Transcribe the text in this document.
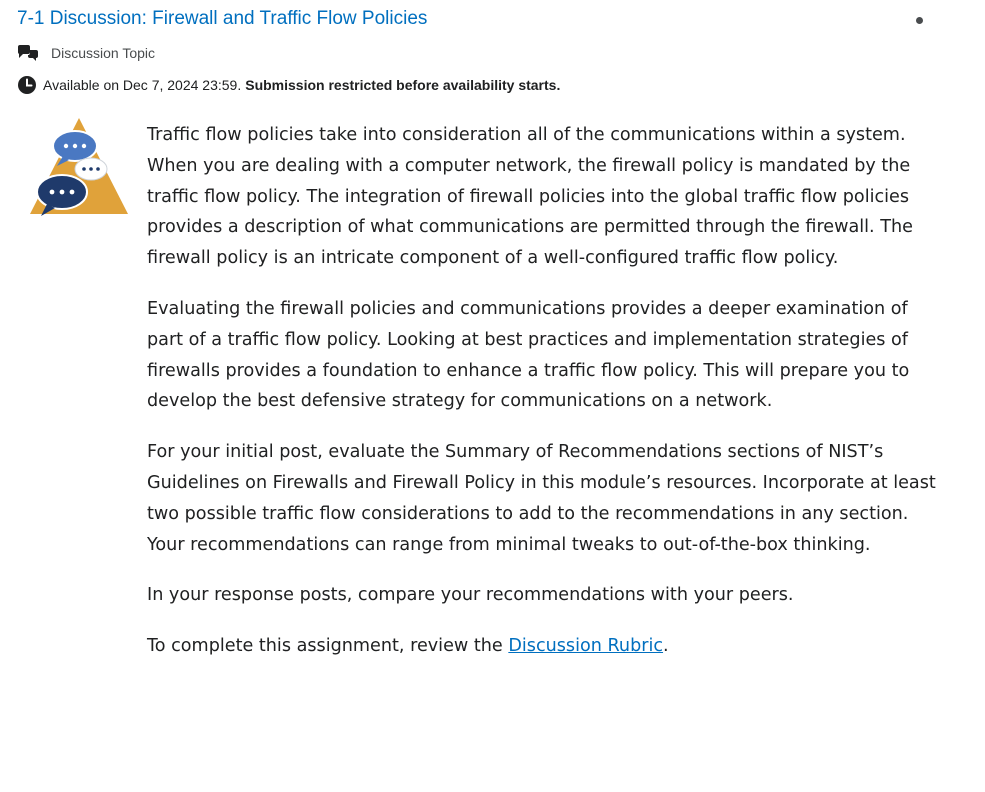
7-1 Discussion: Firewall and Traffic Flow Policies
Discussion Topic
Available on Dec 7, 2024 23:59. Submission restricted before availability starts.

Traffic flow policies take into consideration all of the communications within a system. When you are dealing with a computer network, the firewall policy is mandated by the traffic flow policy. The integration of firewall policies into the global traffic flow policies provides a description of what communications are permitted through the firewall. The firewall policy is an intricate component of a well-configured traffic flow policy.

Evaluating the firewall policies and communications provides a deeper examination of part of a traffic flow policy. Looking at best practices and implementation strategies of firewalls provides a foundation to enhance a traffic flow policy. This will prepare you to develop the best defensive strategy for communications on a network.

For your initial post, evaluate the Summary of Recommendations sections of NIST’s Guidelines on Firewalls and Firewall Policy in this module’s resources. Incorporate at least two possible traffic flow considerations to add to the recommendations in any section. Your recommendations can range from minimal tweaks to out-of-the-box thinking.

In your response posts, compare your recommendations with your peers.

To complete this assignment, review the Discussion Rubric.
